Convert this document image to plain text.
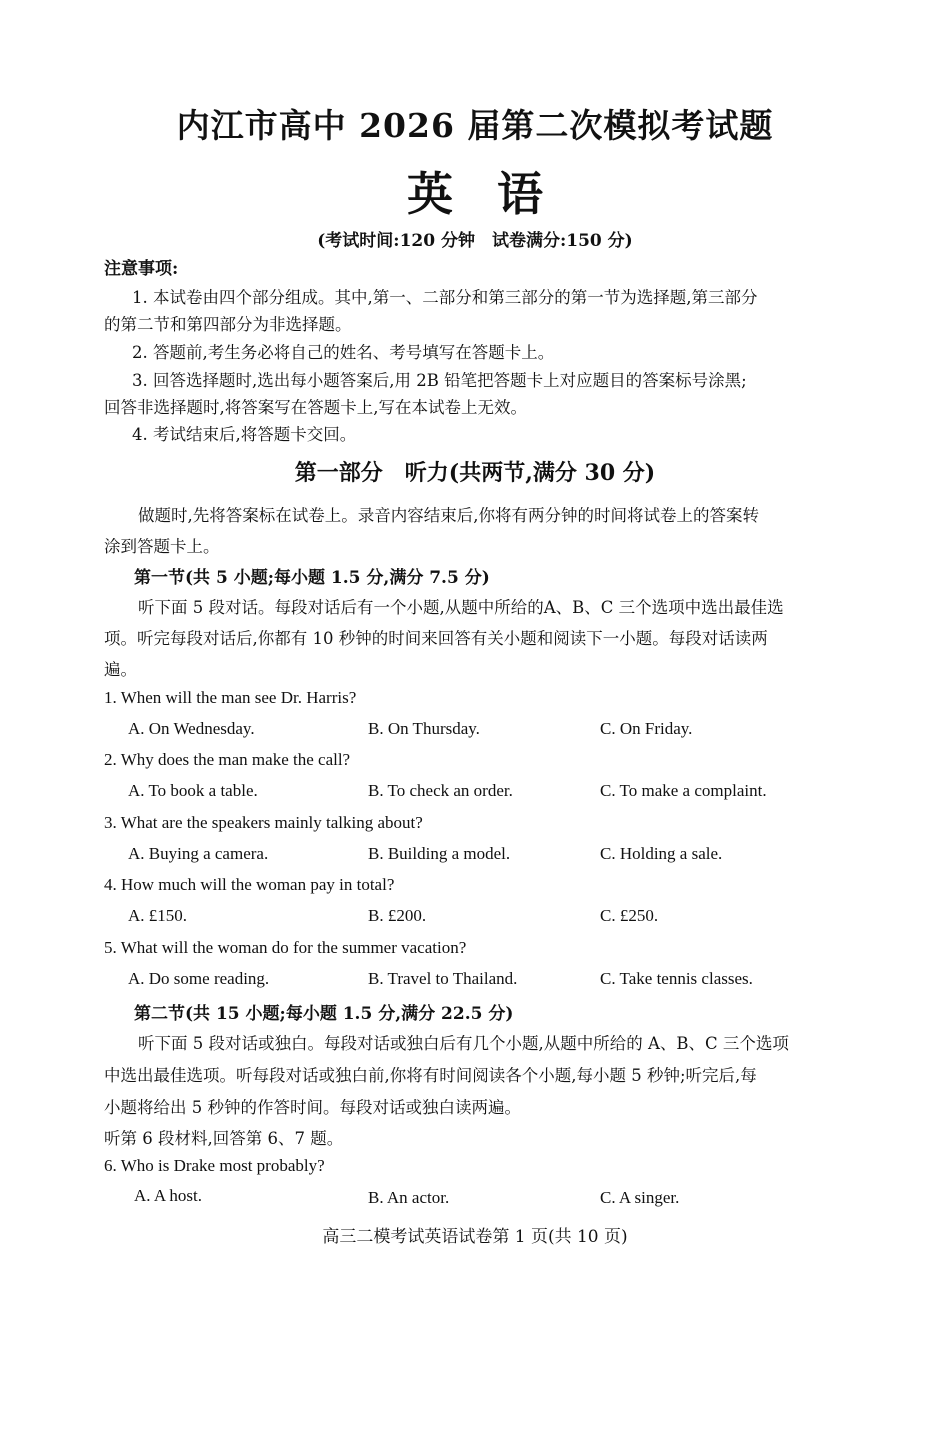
内江市高中 2026 届第二次模拟考试题
英 语
(考试时间:120 分钟　试卷满分:150 分)
注意事项:
1. 本试卷由四个部分组成。其中,第一、二部分和第三部分的第一节为选择题,第三部分
的第二节和第四部分为非选择题。
2. 答题前,考生务必将自己的姓名、考号填写在答题卡上。
3. 回答选择题时,选出每小题答案后,用 2B 铅笔把答题卡上对应题目的答案标号涂黑;
回答非选择题时,将答案写在答题卡上,写在本试卷上无效。
4. 考试结束后,将答题卡交回。
第一部分　听力(共两节,满分 30 分)
做题时,先将答案标在试卷上。录音内容结束后,你将有两分钟的时间将试卷上的答案转
涂到答题卡上。
第一节(共 5 小题;每小题 1.5 分,满分 7.5 分)
听下面 5 段对话。每段对话后有一个小题,从题中所给的A、B、C 三个选项中选出最佳选
项。听完每段对话后,你都有 10 秒钟的时间来回答有关小题和阅读下一小题。每段对话读两
遍。
1. When will the man see Dr. Harris?
A. On Wednesday.	B. On Thursday.	C. On Friday.
2. Why does the man make the call?
A. To book a table.	B. To check an order.	C. To make a complaint.
3. What are the speakers mainly talking about?
A. Buying a camera.	B. Building a model.	C. Holding a sale.
4. How much will the woman pay in total?
A. £150.	B. £200.	C. £250.
5. What will the woman do for the summer vacation?
A. Do some reading.	B. Travel to Thailand.	C. Take tennis classes.
第二节(共 15 小题;每小题 1.5 分,满分 22.5 分)
听下面 5 段对话或独白。每段对话或独白后有几个小题,从题中所给的 A、B、C 三个选项
中选出最佳选项。听每段对话或独白前,你将有时间阅读各个小题,每小题 5 秒钟;听完后,每
小题将给出 5 秒钟的作答时间。每段对话或独白读两遍。
听第 6 段材料,回答第 6、7 题。
6. Who is Drake most probably?
A. A host.	B. An actor.	C. A singer.
高三二模考试英语试卷第 1 页(共 10 页)
